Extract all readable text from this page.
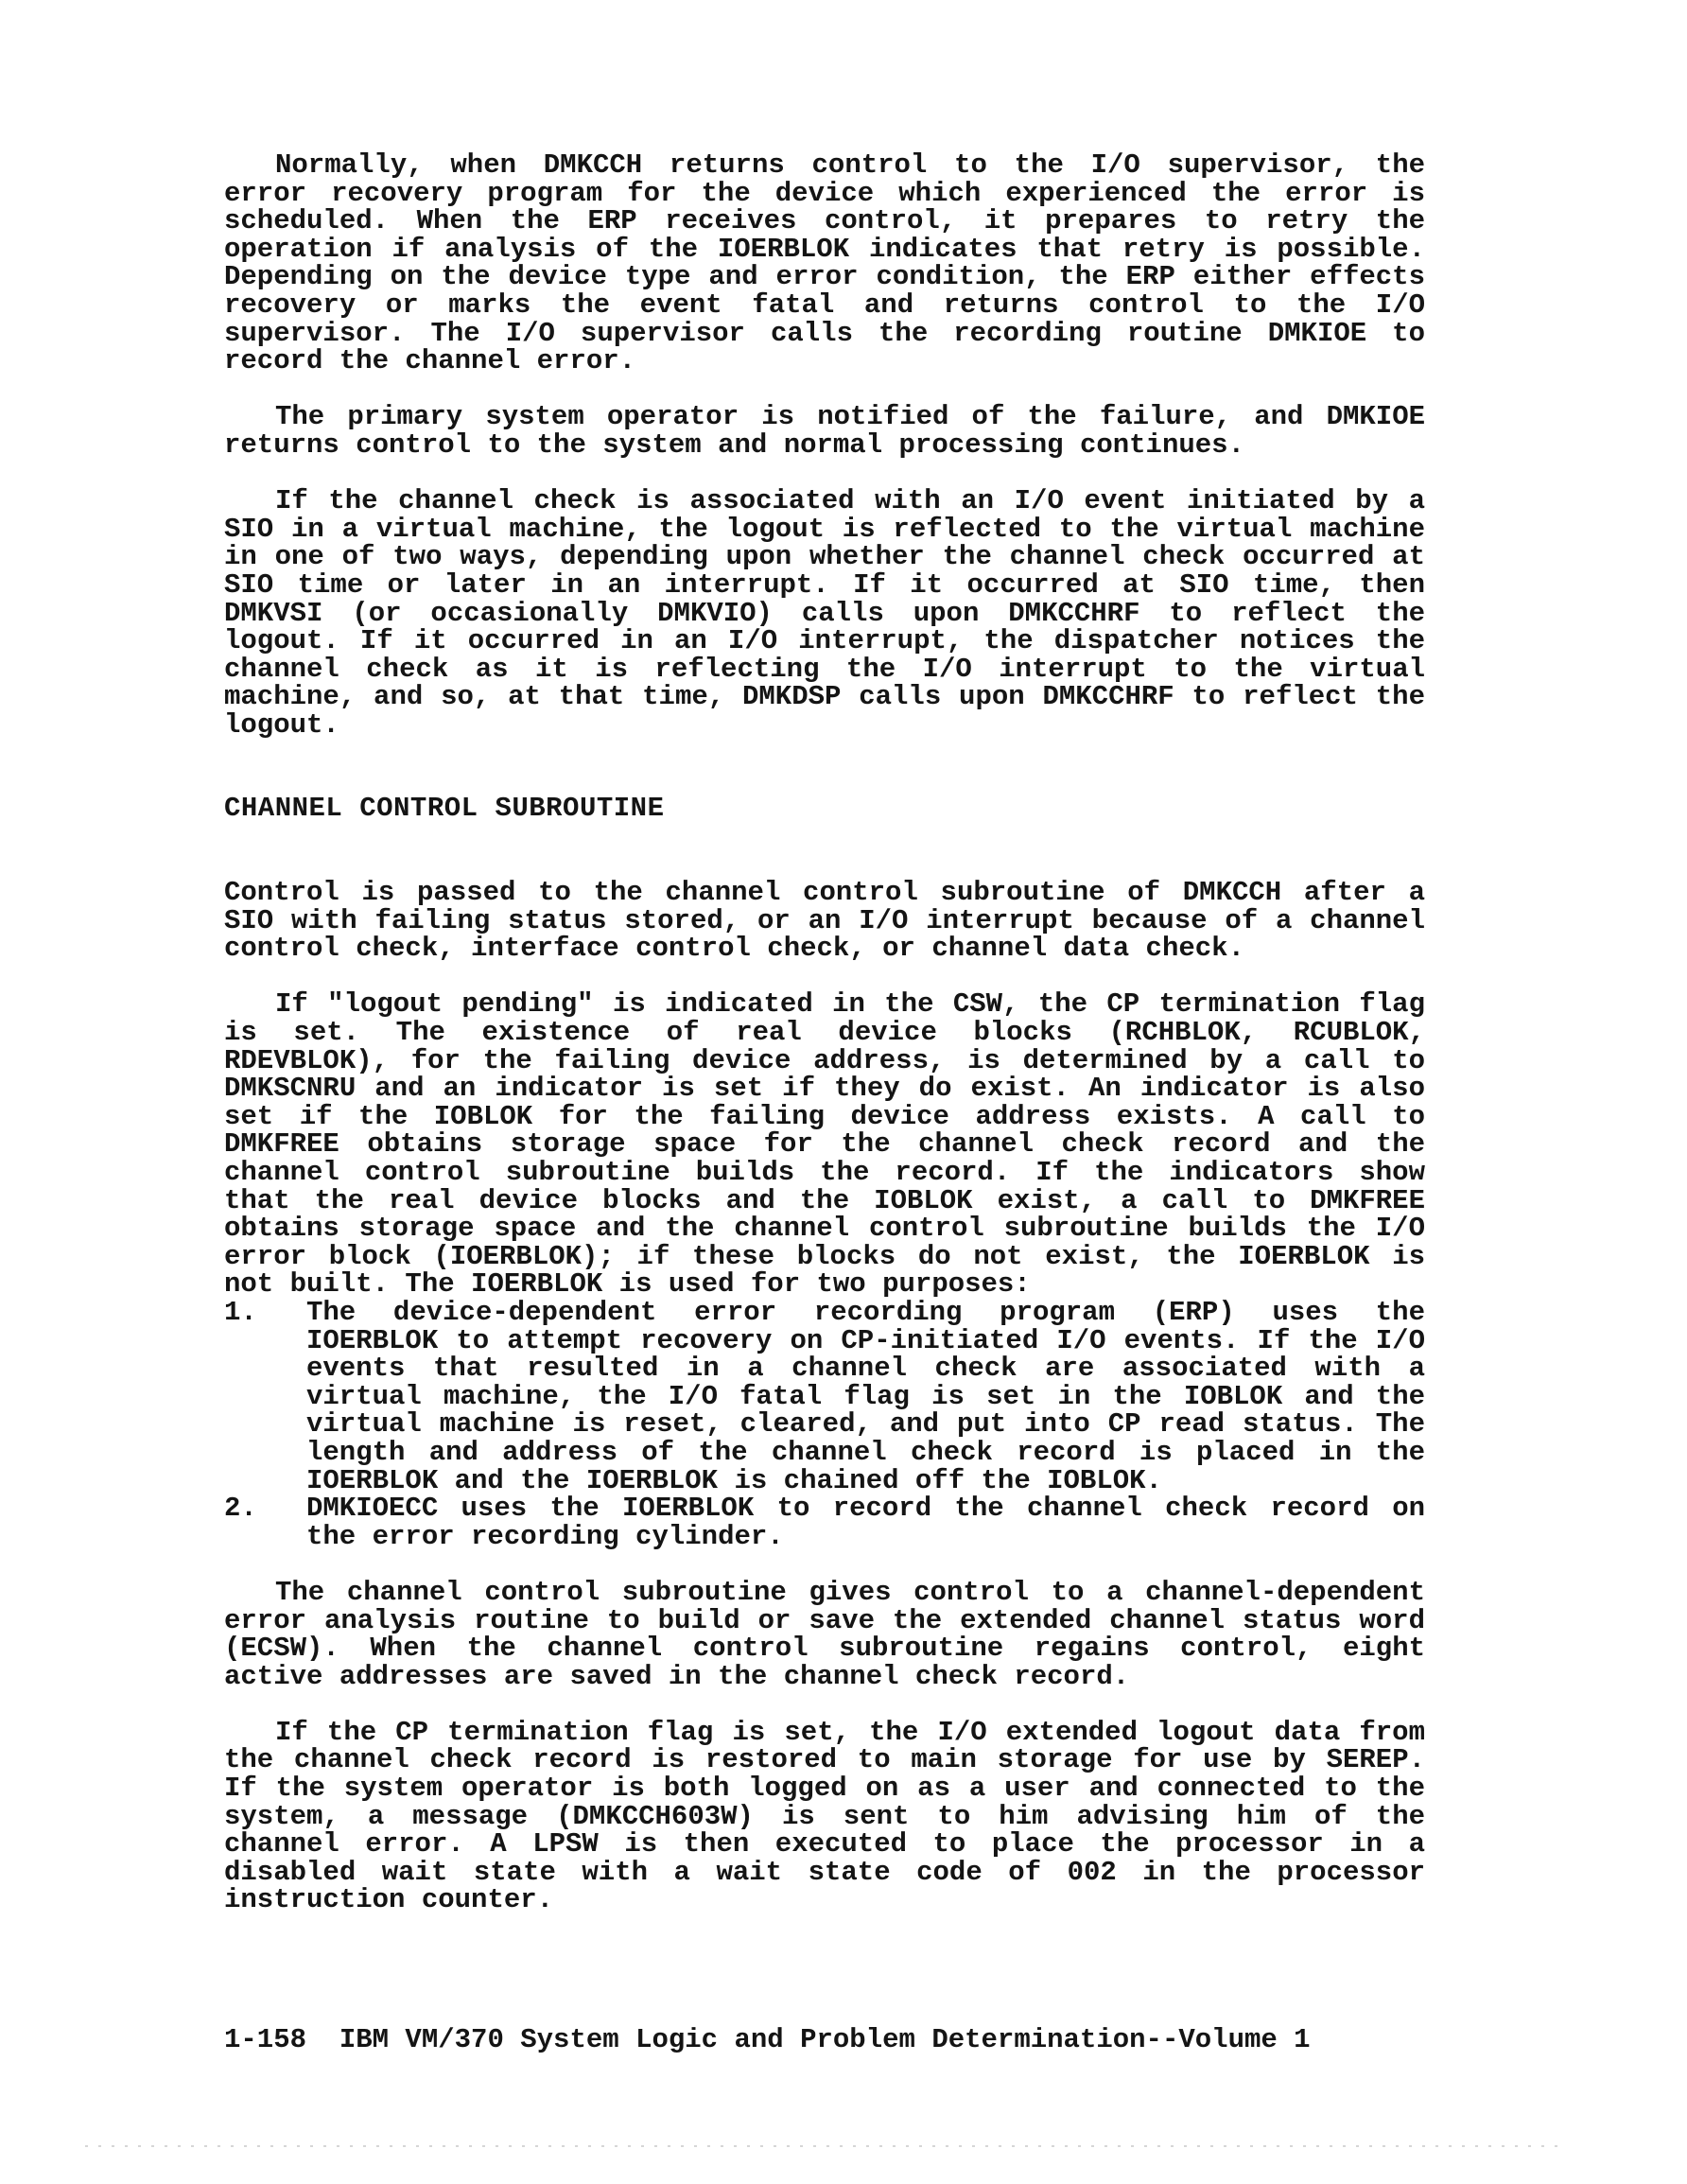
Normally, when DMKCCH returns control to the I/O supervisor, the error recovery program for the device which experienced the error is scheduled. When the ERP receives control, it prepares to retry the operation if analysis of the IOERBLOK indicates that retry is possible. Depending on the device type and error condition, the ERP either effects recovery or marks the event fatal and returns control to the I/O supervisor. The I/O supervisor calls the recording routine DMKIOE to record the channel error.

The primary system operator is notified of the failure, and DMKIOE returns control to the system and normal processing continues.

If the channel check is associated with an I/O event initiated by a SIO in a virtual machine, the logout is reflected to the virtual machine in one of two ways, depending upon whether the channel check occurred at SIO time or later in an interrupt. If it occurred at SIO time, then DMKVSI (or occasionally DMKVIO) calls upon DMKCCHRF to reflect the logout. If it occurred in an I/O interrupt, the dispatcher notices the channel check as it is reflecting the I/O interrupt to the virtual machine, and so, at that time, DMKDSP calls upon DMKCCHRF to reflect the logout.

CHANNEL CONTROL SUBROUTINE

Control is passed to the channel control subroutine of DMKCCH after a SIO with failing status stored, or an I/O interrupt because of a channel control check, interface control check, or channel data check.

If "logout pending" is indicated in the CSW, the CP termination flag is set. The existence of real device blocks (RCHBLOK, RCUBLOK, RDEVBLOK), for the failing device address, is determined by a call to DMKSCNRU and an indicator is set if they do exist. An indicator is also set if the IOBLOK for the failing device address exists. A call to DMKFREE obtains storage space for the channel check record and the channel control subroutine builds the record. If the indicators show that the real device blocks and the IOBLOK exist, a call to DMKFREE obtains storage space and the channel control subroutine builds the I/O error block (IOERBLOK); if these blocks do not exist, the IOERBLOK is not built. The IOERBLOK is used for two purposes:

1.	The device-dependent error recording program (ERP) uses the IOERBLOK to attempt recovery on CP-initiated I/O events. If the I/O events that resulted in a channel check are associated with a virtual machine, the I/O fatal flag is set in the IOBLOK and the virtual machine is reset, cleared, and put into CP read status. The length and address of the channel check record is placed in the IOERBLOK and the IOERBLOK is chained off the IOBLOK.

2.	DMKIOECC uses the IOERBLOK to record the channel check record on the error recording cylinder.

The channel control subroutine gives control to a channel-dependent error analysis routine to build or save the extended channel status word (ECSW). When the channel control subroutine regains control, eight active addresses are saved in the channel check record.

If the CP termination flag is set, the I/O extended logout data from the channel check record is restored to main storage for use by SEREP. If the system operator is both logged on as a user and connected to the system, a message (DMKCCH603W) is sent to him advising him of the channel error. A LPSW is then executed to place the processor in a disabled wait state with a wait state code of 002 in the processor instruction counter.

1-158  IBM VM/370 System Logic and Problem Determination--Volume 1
